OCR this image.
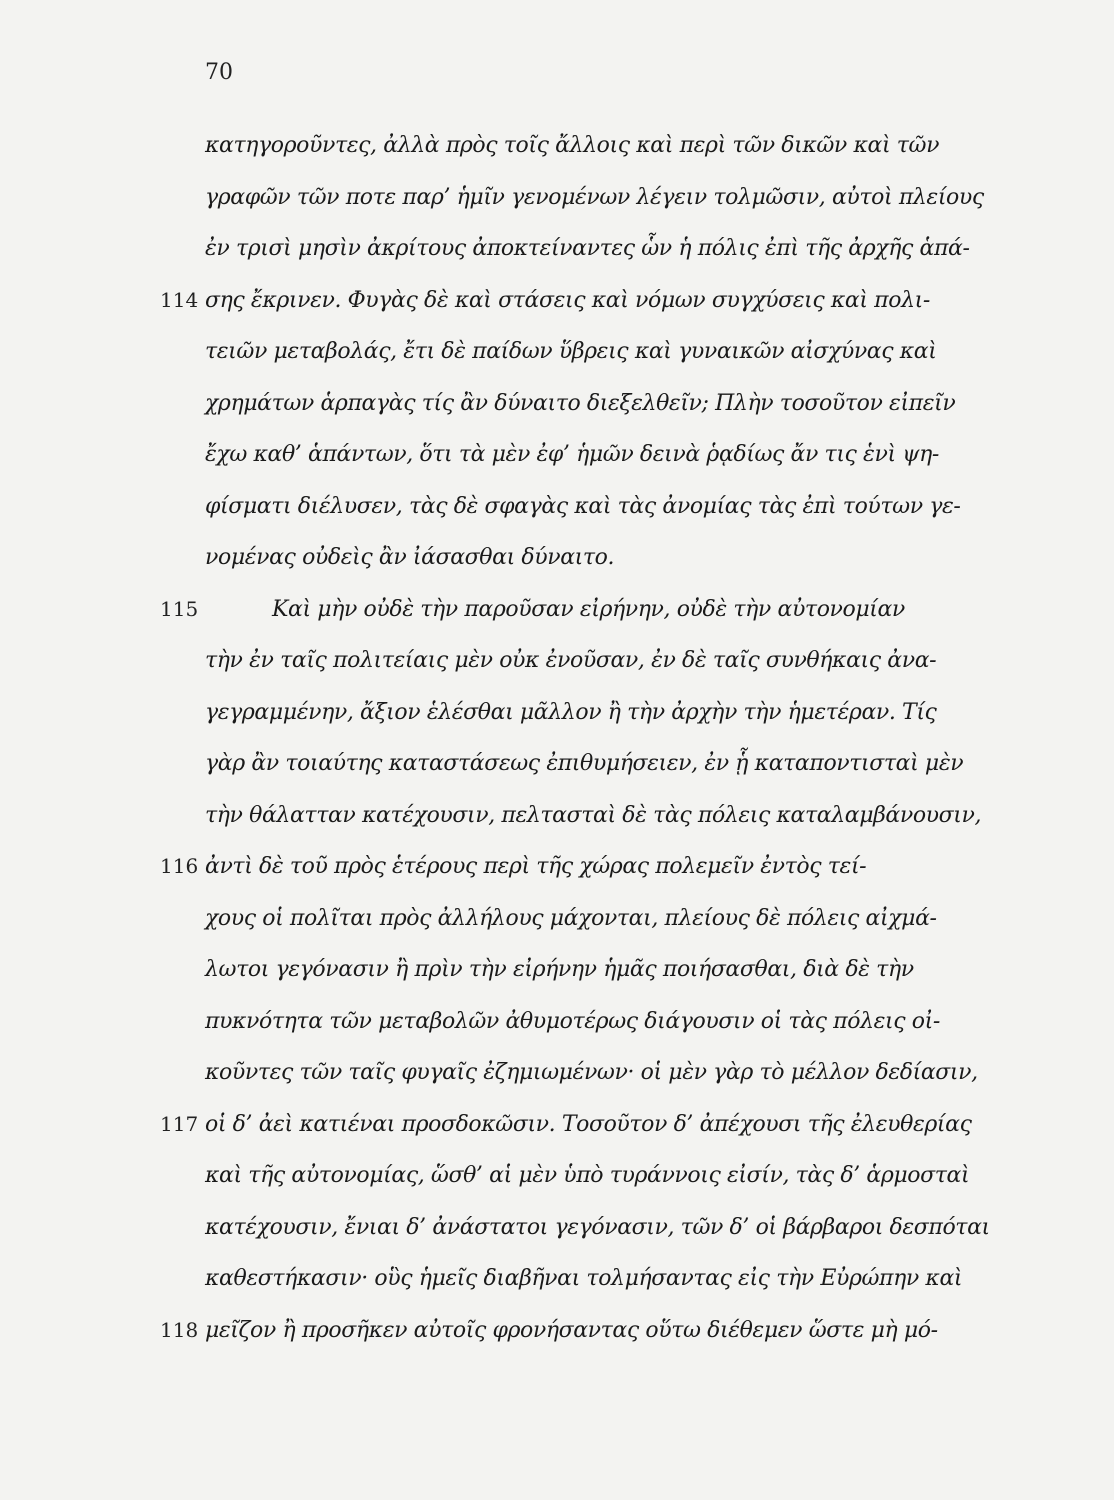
70
κατηγοροῦντες, ἀλλὰ πρὸς τοῖς ἄλλοις καὶ περὶ τῶν δικῶν καὶ τῶν
γραφῶν τῶν ποτε παρ’ ἡμῖν γενομένων λέγειν τολμῶσιν, αὐτοὶ πλείους
ἐν τρισὶ μησὶν ἀκρίτους ἀποκτείναντες ὧν ἡ πόλις ἐπὶ τῆς ἀρχῆς ἁπά-
114 σης ἔκρινεν. Φυγὰς δὲ καὶ στάσεις καὶ νόμων συγχύσεις καὶ πολι-
τειῶν μεταβολάς, ἔτι δὲ παίδων ὕβρεις καὶ γυναικῶν αἰσχύνας καὶ
χρημάτων ἁρπαγὰς τίς ἂν δύναιτο διεξελθεῖν; Πλὴν τοσοῦτον εἰπεῖν
ἔχω καθ’ ἁπάντων, ὅτι τὰ μὲν ἐφ’ ἡμῶν δεινὰ ῥᾳδίως ἄν τις ἑνὶ ψη-
φίσματι διέλυσεν, τὰς δὲ σφαγὰς καὶ τὰς ἀνομίας τὰς ἐπὶ τούτων γε-
νομένας οὐδεὶς ἂν ἰάσασθαι δύναιτο.
115	Καὶ μὴν οὐδὲ τὴν παροῦσαν εἰρήνην, οὐδὲ τὴν αὐτονομίαν
τὴν ἐν ταῖς πολιτείαις μὲν οὐκ ἐνοῦσαν, ἐν δὲ ταῖς συνθήκαις ἀνα-
γεγραμμένην, ἄξιον ἑλέσθαι μᾶλλον ἢ τὴν ἀρχὴν τὴν ἡμετέραν. Τίς
γὰρ ἂν τοιαύτης καταστάσεως ἐπιθυμήσειεν, ἐν ᾗ καταποντισταὶ μὲν
τὴν θάλατταν κατέχουσιν, πελτασταὶ δὲ τὰς πόλεις καταλαμβάνουσιν,
116 ἀντὶ δὲ τοῦ πρὸς ἑτέρους περὶ τῆς χώρας πολεμεῖν ἐντὸς τεί-
χους οἱ πολῖται πρὸς ἀλλήλους μάχονται, πλείους δὲ πόλεις αἰχμά-
λωτοι γεγόνασιν ἢ πρὶν τὴν εἰρήνην ἡμᾶς ποιήσασθαι, διὰ δὲ τὴν
πυκνότητα τῶν μεταβολῶν ἀθυμοτέρως διάγουσιν οἱ τὰς πόλεις οἰ-
κοῦντες τῶν ταῖς φυγαῖς ἐζημιωμένων· οἱ μὲν γὰρ τὸ μέλλον δεδίασιν,
117 οἱ δ’ ἀεὶ κατιέναι προσδοκῶσιν. Τοσοῦτον δ’ ἀπέχουσι τῆς ἐλευθερίας
καὶ τῆς αὐτονομίας, ὥσθ’ αἱ μὲν ὑπὸ τυράννοις εἰσίν, τὰς δ’ ἁρμοσταὶ
κατέχουσιν, ἔνιαι δ’ ἀνάστατοι γεγόνασιν, τῶν δ’ οἱ βάρβαροι δεσπόται
καθεστήκασιν· οὓς ἡμεῖς διαβῆναι τολμήσαντας εἰς τὴν Εὐρώπην καὶ
118 μεῖζον ἢ προσῆκεν αὐτοῖς φρονήσαντας οὕτω διέθεμεν ὥστε μὴ μό-
